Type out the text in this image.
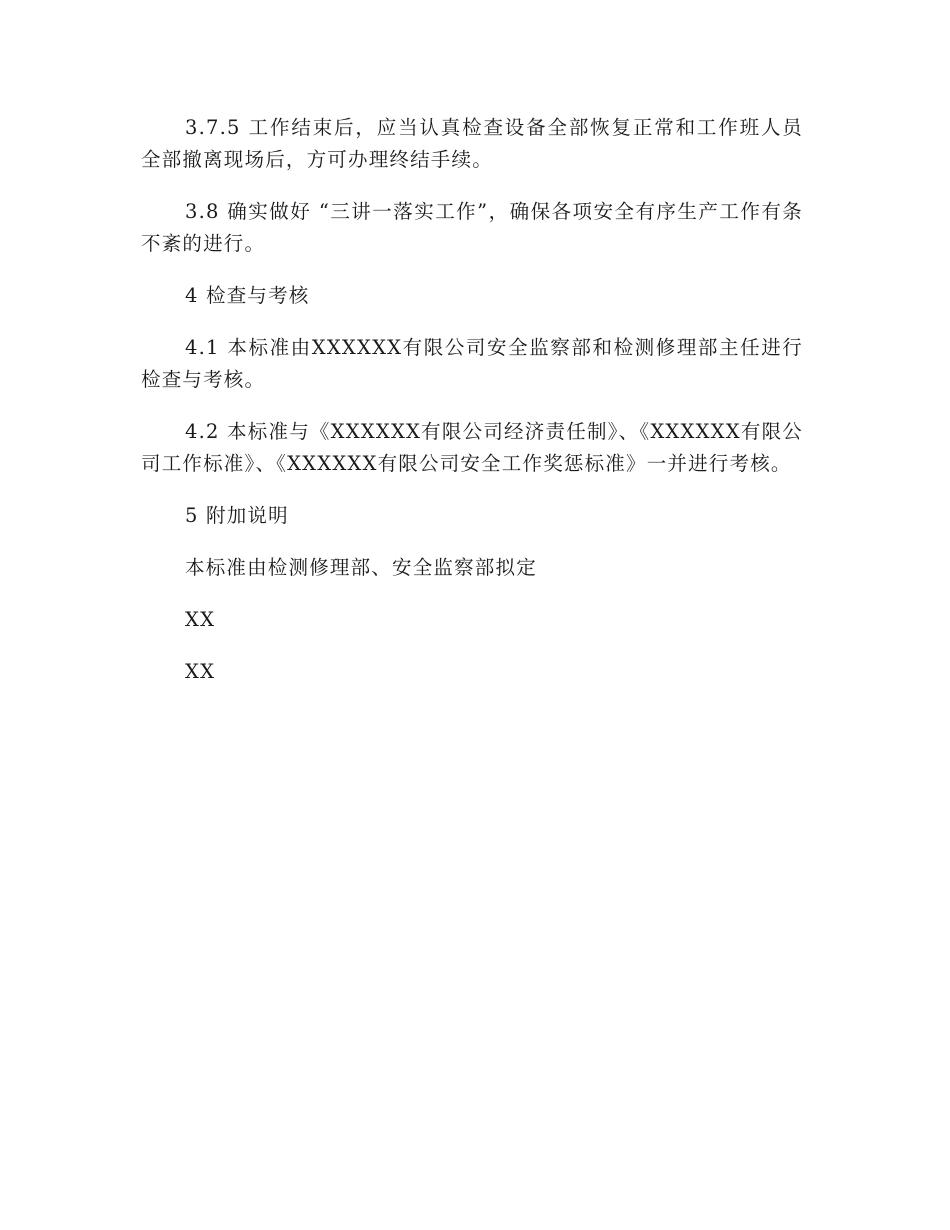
3.7.5 工作结束后，应当认真检查设备全部恢复正常和工作班人员全部撤离现场后，方可办理终结手续。

3.8 确实做好 “三讲一落实工作”，确保各项安全有序生产工作有条不紊的进行。

4 检查与考核

4.1 本标准由XXXXXX有限公司安全监察部和检测修理部主任进行检查与考核。

4.2 本标准与《XXXXXX有限公司经济责任制》、《XXXXXX有限公司工作标准》、《XXXXXX有限公司安全工作奖惩标准》一并进行考核。

5 附加说明

本标准由检测修理部、安全监察部拟定

XX

XX
